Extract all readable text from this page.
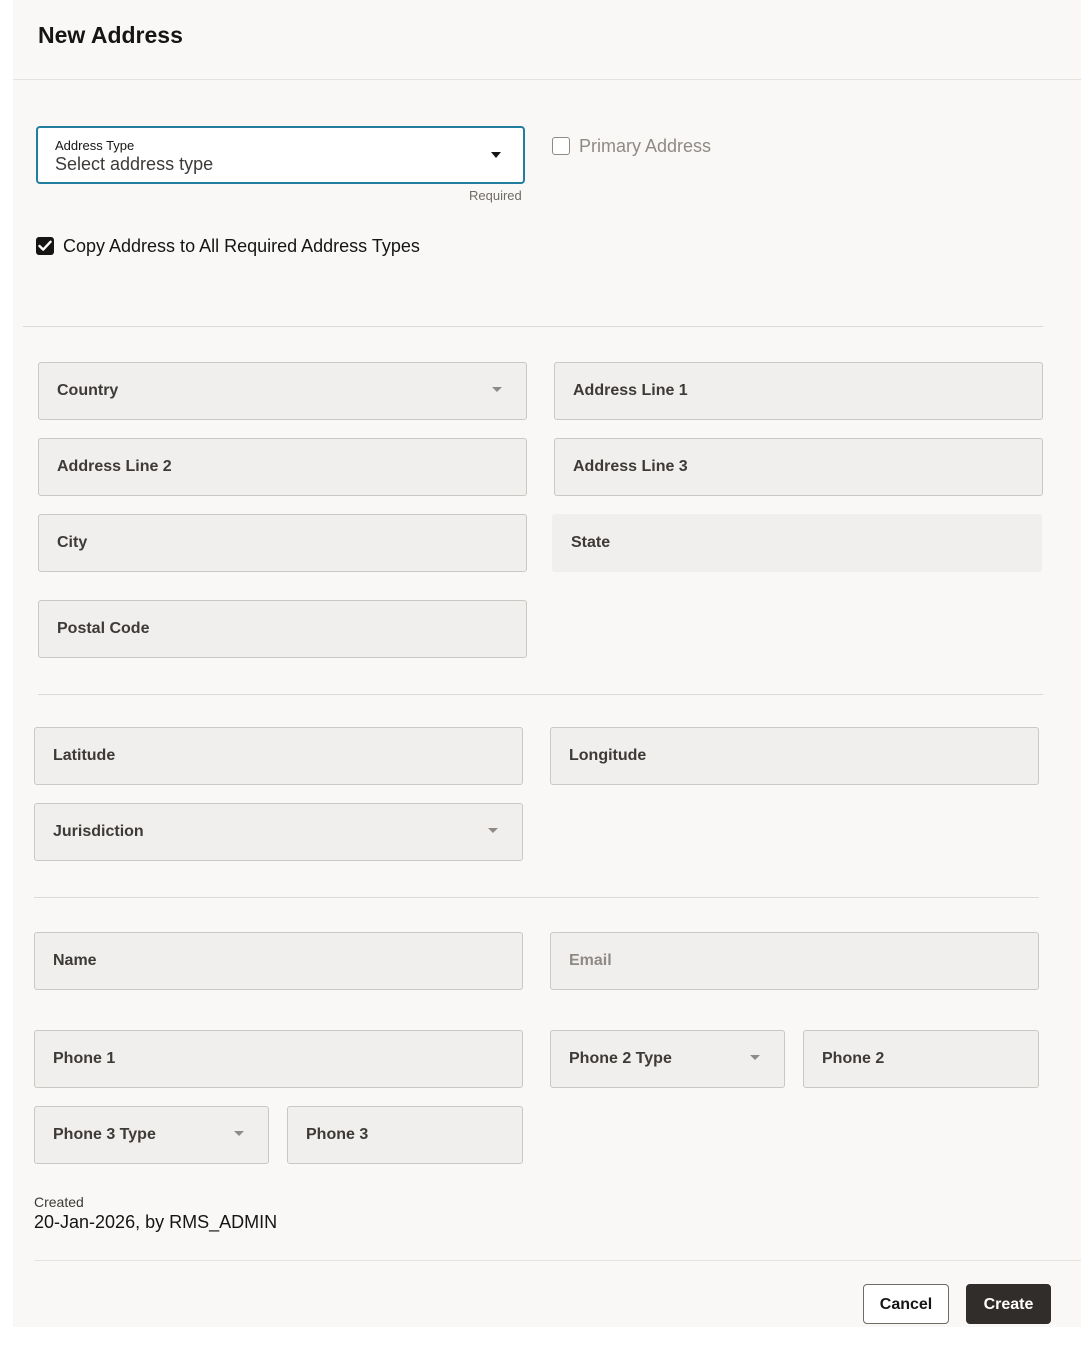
New Address
Address Type
Select address type
Required
Primary Address
Copy Address to All Required Address Types
Country	Address Line 1
Address Line 2	Address Line 3
City	State
Postal Code
Latitude	Longitude
Jurisdiction
Name	Email
Phone 1	Phone 2 Type	Phone 2
Phone 3 Type	Phone 3
Created
20-Jan-2026, by RMS_ADMIN
Cancel	Create
